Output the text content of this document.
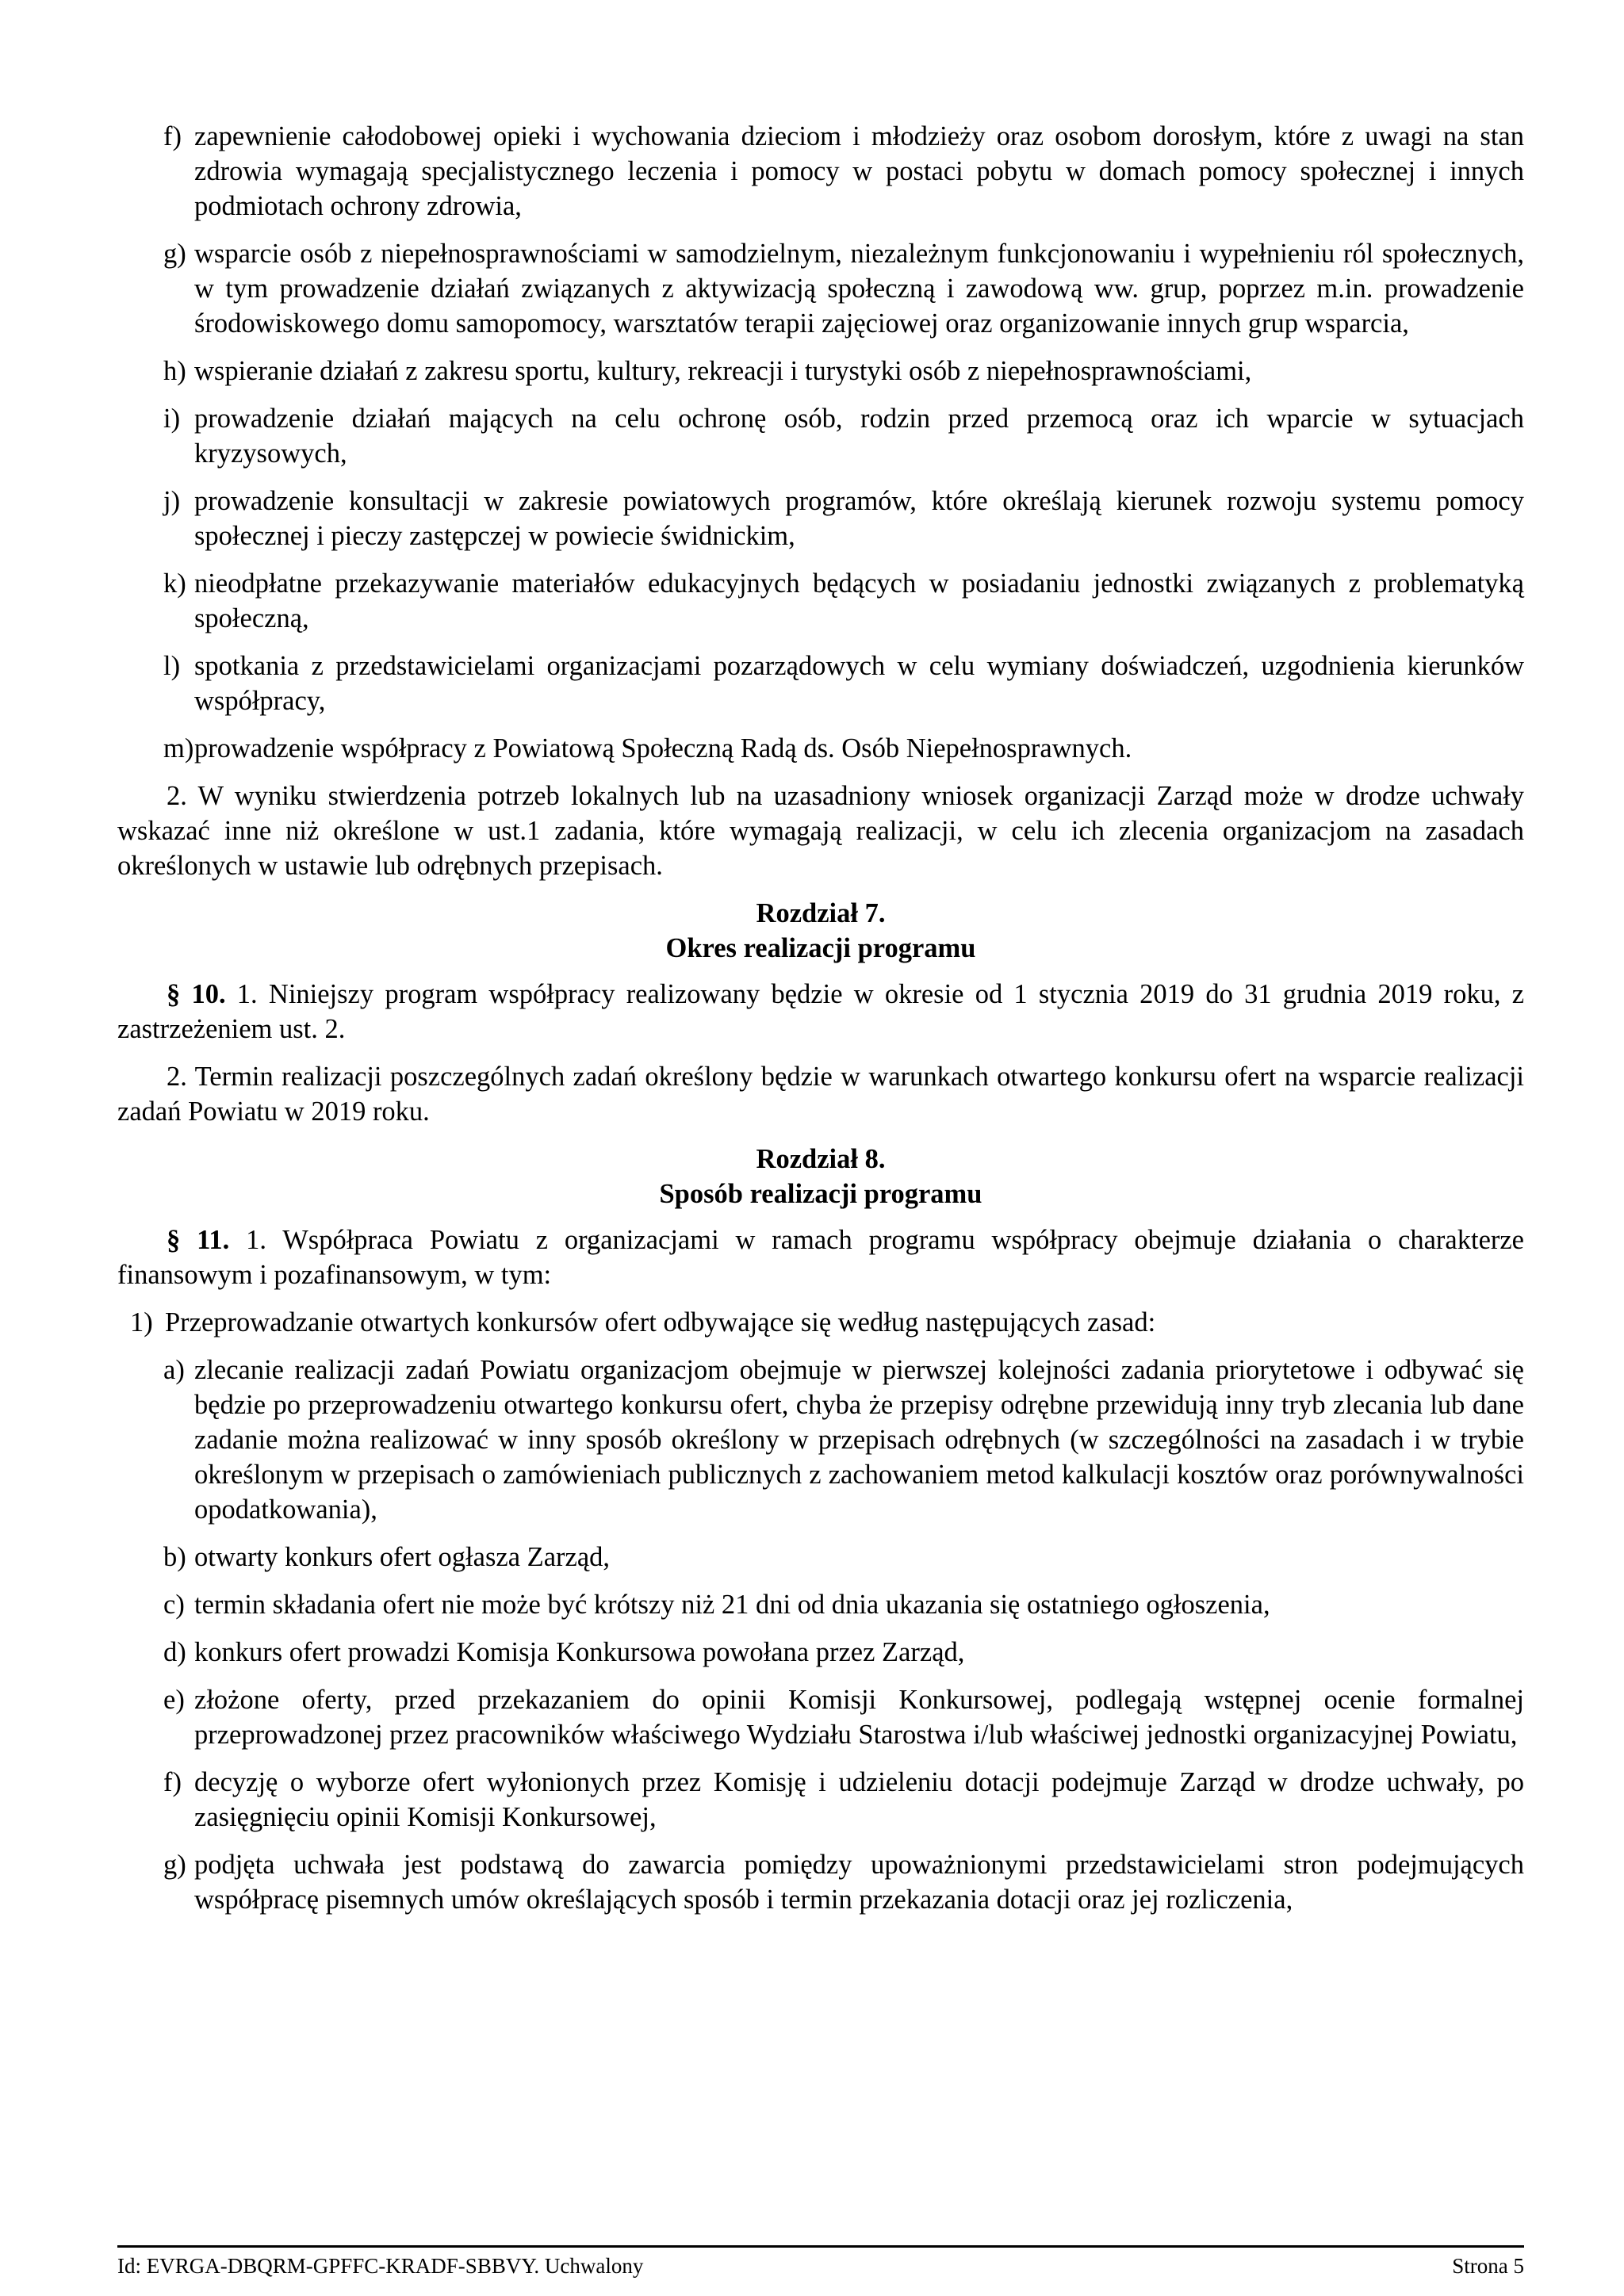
f) zapewnienie całodobowej opieki i wychowania dzieciom i młodzieży oraz osobom dorosłym, które z uwagi na stan zdrowia wymagają specjalistycznego leczenia i pomocy w postaci pobytu w domach pomocy społecznej i innych podmiotach ochrony zdrowia,
g) wsparcie osób z niepełnosprawnościami w samodzielnym, niezależnym funkcjonowaniu i wypełnieniu ról społecznych, w tym prowadzenie działań związanych z aktywizacją społeczną i zawodową ww. grup, poprzez m.in. prowadzenie środowiskowego domu samopomocy, warsztatów terapii zajęciowej oraz organizowanie innych grup wsparcia,
h) wspieranie działań z zakresu sportu, kultury, rekreacji i turystyki osób z niepełnosprawnościami,
i) prowadzenie działań mających na celu ochronę osób, rodzin przed przemocą oraz ich wparcie w sytuacjach kryzysowych,
j) prowadzenie konsultacji w zakresie powiatowych programów, które określają kierunek rozwoju systemu pomocy społecznej i pieczy zastępczej w powiecie świdnickim,
k) nieodpłatne przekazywanie materiałów edukacyjnych będących w posiadaniu jednostki związanych z problematyką społeczną,
l) spotkania z przedstawicielami organizacjami pozarządowych w celu wymiany doświadczeń, uzgodnienia kierunków współpracy,
m) prowadzenie współpracy z Powiatową Społeczną Radą ds. Osób Niepełnosprawnych.

2. W wyniku stwierdzenia potrzeb lokalnych lub na uzasadniony wniosek organizacji Zarząd może w drodze uchwały wskazać inne niż określone w ust.1 zadania, które wymagają realizacji, w celu ich zlecenia organizacjom na zasadach określonych w ustawie lub odrębnych przepisach.

Rozdział 7.
Okres realizacji programu

§ 10. 1. Niniejszy program współpracy realizowany będzie w okresie od 1 stycznia 2019 do 31 grudnia 2019 roku, z zastrzeżeniem ust. 2.

2. Termin realizacji poszczególnych zadań określony będzie w warunkach otwartego konkursu ofert na wsparcie realizacji zadań Powiatu w 2019 roku.

Rozdział 8.
Sposób realizacji programu

§ 11. 1. Współpraca Powiatu z organizacjami w ramach programu współpracy obejmuje działania o charakterze finansowym i pozafinansowym, w tym:

1) Przeprowadzanie otwartych konkursów ofert odbywające się według następujących zasad:
a) zlecanie realizacji zadań Powiatu organizacjom obejmuje w pierwszej kolejności zadania priorytetowe i odbywać się będzie po przeprowadzeniu otwartego konkursu ofert, chyba że przepisy odrębne przewidują inny tryb zlecania lub dane zadanie można realizować w inny sposób określony w przepisach odrębnych (w szczególności na zasadach i w trybie określonym w przepisach o zamówieniach publicznych z zachowaniem metod kalkulacji kosztów oraz porównywalności opodatkowania),
b) otwarty konkurs ofert ogłasza Zarząd,
c) termin składania ofert nie może być krótszy niż 21 dni od dnia ukazania się ostatniego ogłoszenia,
d) konkurs ofert prowadzi Komisja Konkursowa powołana przez Zarząd,
e) złożone oferty, przed przekazaniem do opinii Komisji Konkursowej, podlegają wstępnej ocenie formalnej przeprowadzonej przez pracowników właściwego Wydziału Starostwa i/lub właściwej jednostki organizacyjnej Powiatu,
f) decyzję o wyborze ofert wyłonionych przez Komisję i udzieleniu dotacji podejmuje Zarząd w drodze uchwały, po zasięgnięciu opinii Komisji Konkursowej,
g) podjęta uchwała jest podstawą do zawarcia pomiędzy upoważnionymi przedstawicielami stron podejmujących współpracę pisemnych umów określających sposób i termin przekazania dotacji oraz jej rozliczenia,
Id: EVRGA-DBQRM-GPFFC-KRADF-SBBVY. Uchwalony	Strona 5
